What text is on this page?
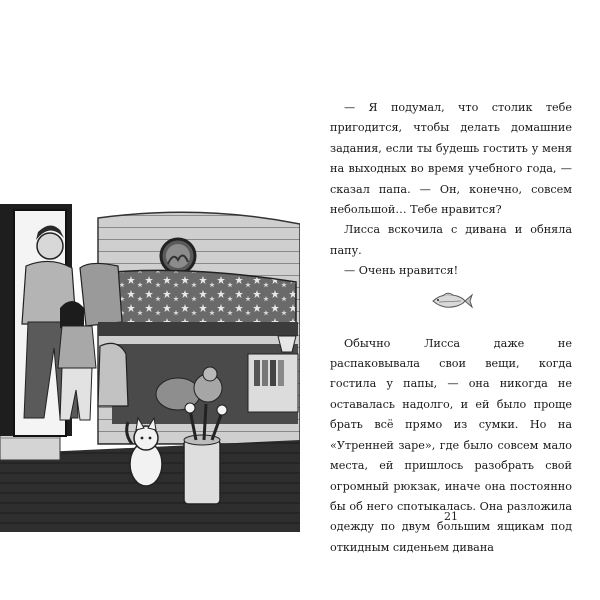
— Я подумал, что столик тебе пригодится, чтобы делать домашние задания, если ты будешь гостить у меня на выходных во время учебного года, — сказал папа. — Он, конечно, совсем небольшой… Тебе нравится?

Лисса вскочила с дивана и обняла папу.

— Очень нравится!

Обычно Лисса даже не распаковывала свои вещи, когда гостила у папы, — она никогда не оставалась надолго, и ей было проще брать всё прямо из сумки. Но на «Утренней заре», где было совсем мало места, ей пришлось разобрать свой огромный рюкзак, иначе она постоянно бы об него спотыкалась. Она разложила одежду по двум большим ящикам под откидным сиденьем дивана

21
